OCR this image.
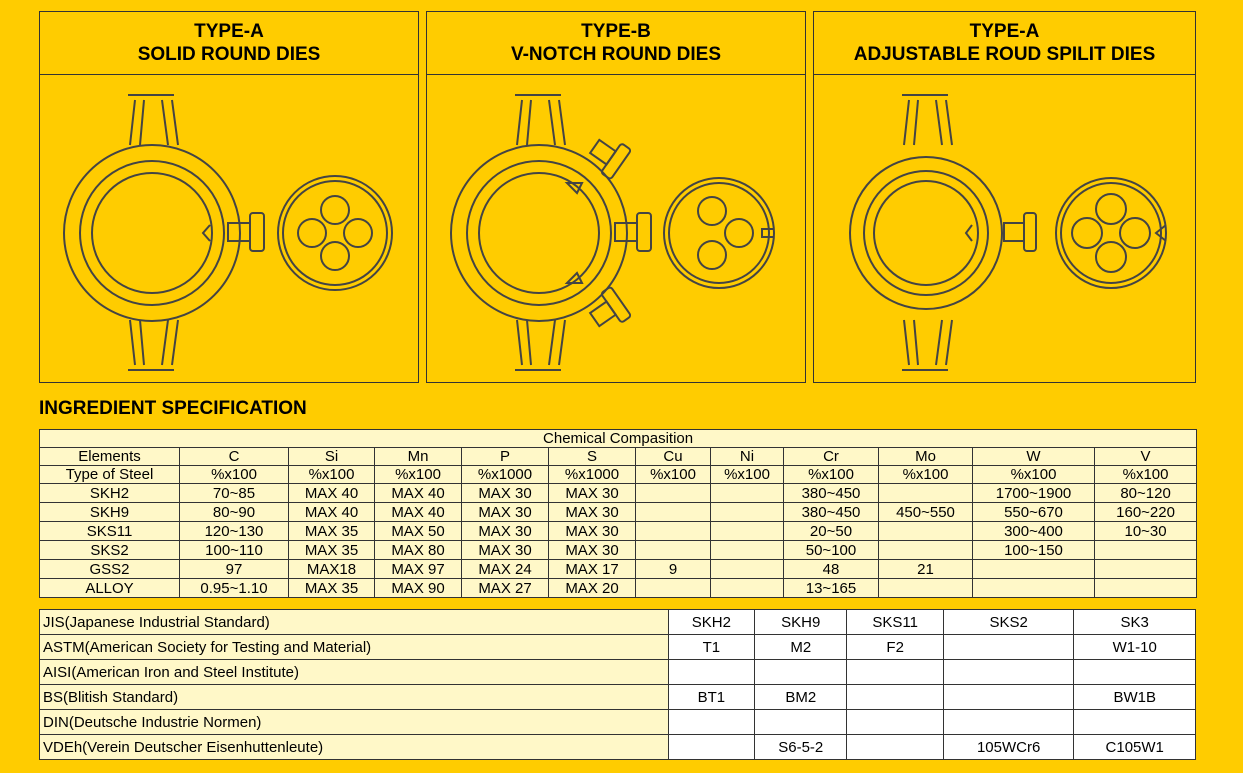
TYPE-A
SOLID ROUND DIES
TYPE-B
V-NOTCH ROUND DIES
TYPE-A
ADJUSTABLE ROUD SPILIT DIES
INGREDIENT SPECIFICATION
Chemical Compasition											
Elements	C	Si	Mn	P	S	Cu	Ni	Cr	Mo	W	V
Type of Steel	%x100	%x100	%x100	%x1000	%x1000	%x100	%x100	%x100	%x100	%x100	%x100
SKH2	70~85	MAX 40	MAX 40	MAX 30	MAX 30			380~450		1700~1900	80~120
SKH9	80~90	MAX 40	MAX 40	MAX 30	MAX 30			380~450	450~550	550~670	160~220
SKS11	120~130	MAX 35	MAX 50	MAX 30	MAX 30			20~50		300~400	10~30
SKS2	100~110	MAX 35	MAX 80	MAX 30	MAX 30			50~100		100~150	
GSS2	97	MAX18	MAX 97	MAX 24	MAX 17	9		48	21		
ALLOY	0.95~1.10	MAX 35	MAX 90	MAX 27	MAX 20			13~165			
JIS(Japanese Industrial Standard)	SKH2	SKH9	SKS11	SKS2	SK3
ASTM(American Society for Testing and Material)	T1	M2	F2		W1-10
AISI(American Iron and Steel Institute)					
BS(Blitish Standard)	BT1	BM2			BW1B
DIN(Deutsche Industrie Normen)					
VDEh(Verein Deutscher Eisenhuttenleute)		S6-5-2		105WCr6	C105W1
